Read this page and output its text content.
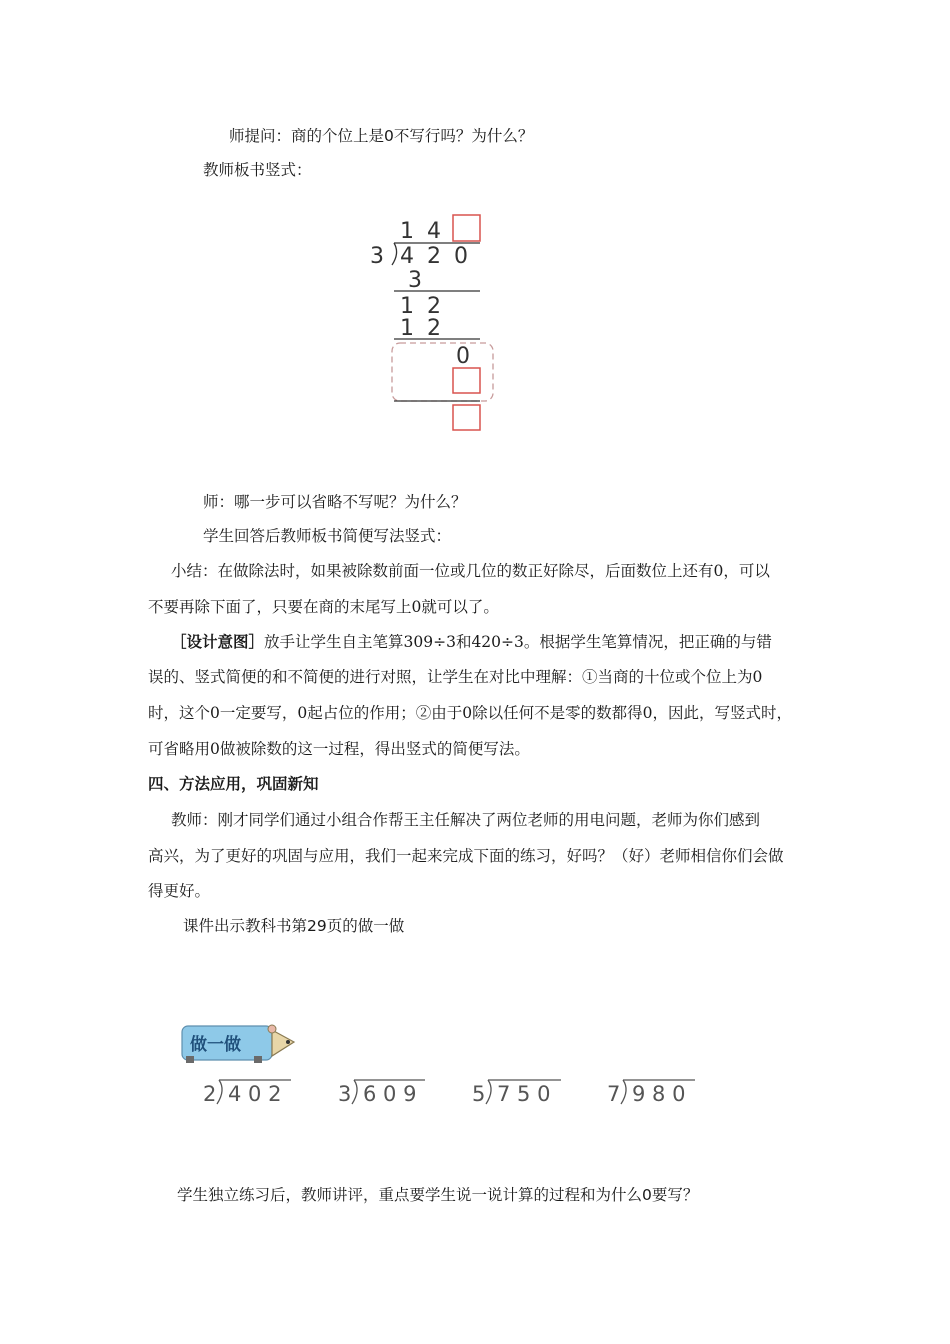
师提问：商的个位上是0不写行吗？为什么？
教师板书竖式：
1 4
3 4 2 0
3
1 2
1 2
0
师：哪一步可以省略不写呢？为什么？
学生回答后教师板书简便写法竖式：
小结：在做除法时，如果被除数前面一位或几位的数正好除尽，后面数位上还有0，可以
不要再除下面了，只要在商的末尾写上0就可以了。
［设计意图］放手让学生自主笔算309÷3和420÷3。根据学生笔算情况，把正确的与错
误的、竖式简便的和不简便的进行对照，让学生在对比中理解：①当商的十位或个位上为0
时，这个0一定要写，0起占位的作用；②由于0除以任何不是零的数都得0，因此，写竖式时，
可省略用0做被除数的这一过程，得出竖式的简便写法。
四、方法应用，巩固新知
教师：刚才同学们通过小组合作帮王主任解决了两位老师的用电问题，老师为你们感到
高兴，为了更好的巩固与应用，我们一起来完成下面的练习，好吗？（好）老师相信你们会做
得更好。
课件出示教科书第29页的做一做
做一做
2 4 0 2	3 6 0 9	5 7 5 0	7 9 8 0
学生独立练习后，教师讲评，重点要学生说一说计算的过程和为什么0要写？
